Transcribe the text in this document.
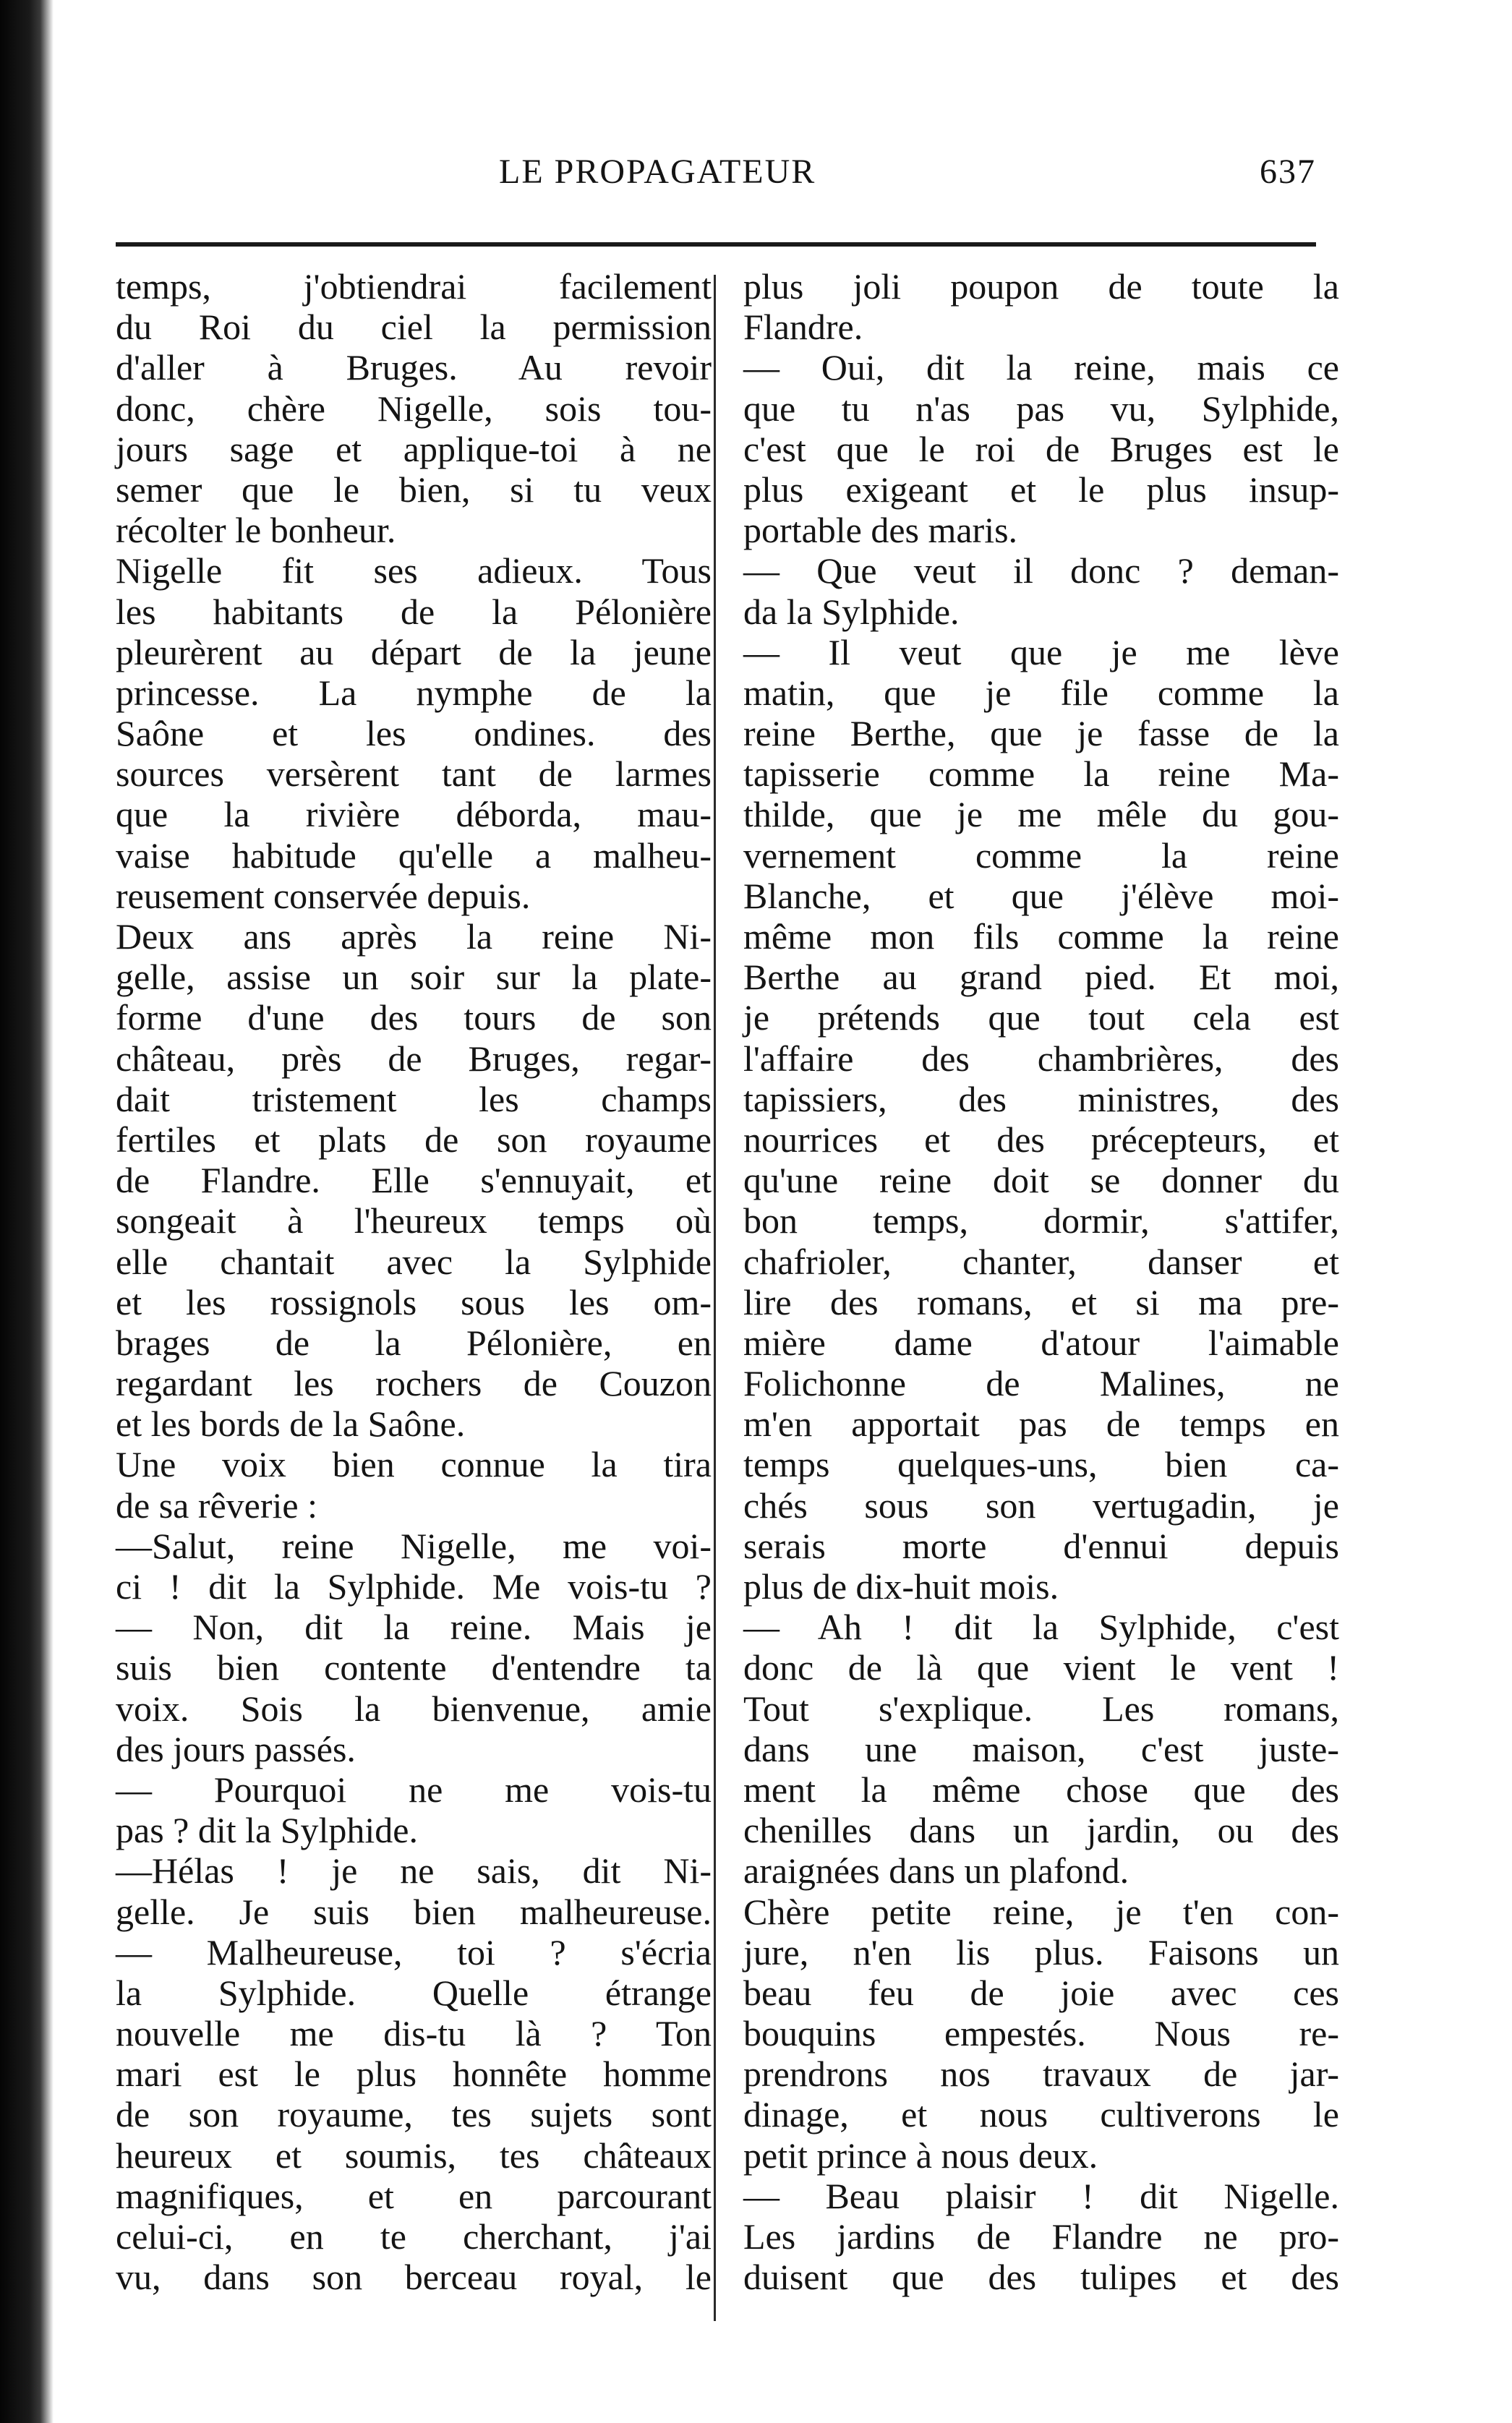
LE PROPAGATEUR	637
temps, j'obtiendrai facilement
du Roi du ciel la permission
d'aller à Bruges. Au revoir
donc, chère Nigelle, sois tou-
jours sage et applique-toi à ne
semer que le bien, si tu veux
récolter le bonheur.
Nigelle fit ses adieux. Tous
les habitants de la Pélonière
pleurèrent au départ de la jeune
princesse. La nymphe de la
Saône et les ondines. des
sources versèrent tant de larmes
que la rivière déborda, mau-
vaise habitude qu'elle a malheu-
reusement conservée depuis.
Deux ans après la reine Ni-
gelle, assise un soir sur la plate-
forme d'une des tours de son
château, près de Bruges, regar-
dait tristement les champs
fertiles et plats de son royaume
de Flandre. Elle s'ennuyait, et
songeait à l'heureux temps où
elle chantait avec la Sylphide
et les rossignols sous les om-
brages de la Pélonière, en
regardant les rochers de Couzon
et les bords de la Saône.
Une voix bien connue la tira
de sa rêverie :
—Salut, reine Nigelle, me voi-
ci ! dit la Sylphide. Me vois-tu ?
— Non, dit la reine. Mais je
suis bien contente d'entendre ta
voix. Sois la bienvenue, amie
des jours passés.
— Pourquoi ne me vois-tu
pas ? dit la Sylphide.
—Hélas ! je ne sais, dit Ni-
gelle. Je suis bien malheureuse.
— Malheureuse, toi ? s'écria
la Sylphide. Quelle étrange
nouvelle me dis-tu là ? Ton
mari est le plus honnête homme
de son royaume, tes sujets sont
heureux et soumis, tes châteaux
magnifiques, et en parcourant
celui-ci, en te cherchant, j'ai
vu, dans son berceau royal, le
plus joli poupon de toute la
Flandre.
— Oui, dit la reine, mais ce
que tu n'as pas vu, Sylphide,
c'est que le roi de Bruges est le
plus exigeant et le plus insup-
portable des maris.
— Que veut il donc ? deman-
da la Sylphide.
— Il veut que je me lève
matin, que je file comme la
reine Berthe, que je fasse de la
tapisserie comme la reine Ma-
thilde, que je me mêle du gou-
vernement comme la reine
Blanche, et que j'élève moi-
même mon fils comme la reine
Berthe au grand pied. Et moi,
je prétends que tout cela est
l'affaire des chambrières, des
tapissiers, des ministres, des
nourrices et des précepteurs, et
qu'une reine doit se donner du
bon temps, dormir, s'attifer,
chafrioler, chanter, danser et
lire des romans, et si ma pre-
mière dame d'atour l'aimable
Folichonne de Malines, ne
m'en apportait pas de temps en
temps quelques-uns, bien ca-
chés sous son vertugadin, je
serais morte d'ennui depuis
plus de dix-huit mois.
— Ah ! dit la Sylphide, c'est
donc de là que vient le vent !
Tout s'explique. Les romans,
dans une maison, c'est juste-
ment la même chose que des
chenilles dans un jardin, ou des
araignées dans un plafond.
Chère petite reine, je t'en con-
jure, n'en lis plus. Faisons un
beau feu de joie avec ces
bouquins empestés. Nous re-
prendrons nos travaux de jar-
dinage, et nous cultiverons le
petit prince à nous deux.
— Beau plaisir ! dit Nigelle.
Les jardins de Flandre ne pro-
duisent que des tulipes et des
